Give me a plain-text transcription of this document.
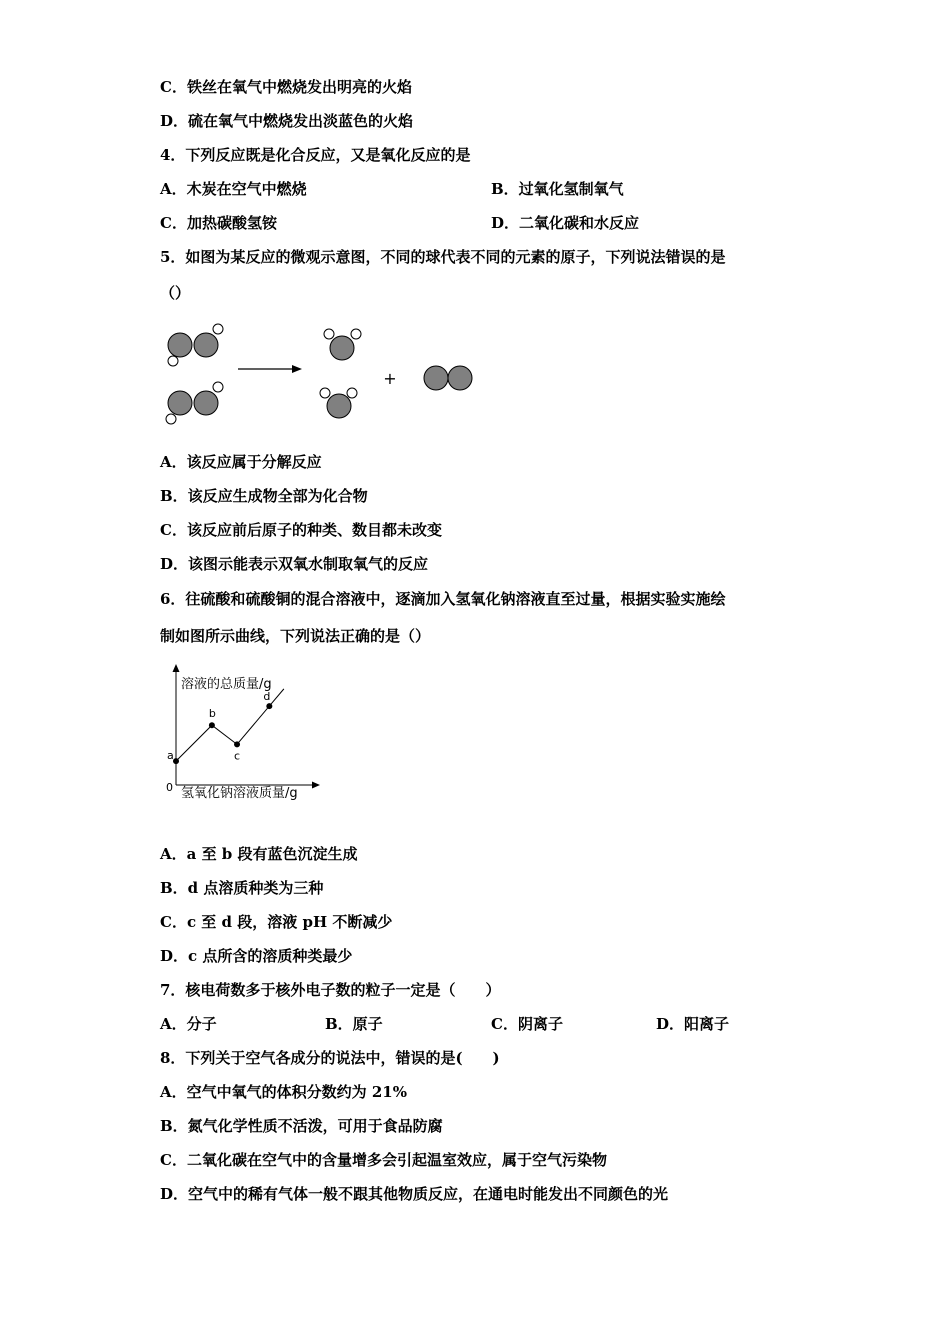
C．铁丝在氧气中燃烧发出明亮的火焰
D．硫在氧气中燃烧发出淡蓝色的火焰
4．下列反应既是化合反应，又是氧化反应的是
A．木炭在空气中燃烧	B．过氧化氢制氧气
C．加热碳酸氢铵	D．二氧化碳和水反应
5．如图为某反应的微观示意图，不同的球代表不同的元素的原子，下列说法错误的是
（）
+
A．该反应属于分解反应
B．该反应生成物全部为化合物
C．该反应前后原子的种类、数目都未改变
D．该图示能表示双氧水制取氧气的反应
6．往硫酸和硫酸铜的混合溶液中，逐滴加入氢氧化钠溶液直至过量，根据实验实施绘
制如图所示曲线，下列说法正确的是（）
溶液的总质量/g
氢氧化钠溶液质量/g
0
a
b
c
d
A．a 至 b 段有蓝色沉淀生成
B．d 点溶质种类为三种
C．c 至 d 段，溶液 pH 不断减少
D．c 点所含的溶质种类最少
7．核电荷数多于核外电子数的粒子一定是（　　）
A．分子	B．原子	C．阴离子	D．阳离子
8．下列关于空气各成分的说法中，错误的是(　　)
A．空气中氧气的体积分数约为 21%
B．氮气化学性质不活泼，可用于食品防腐
C．二氧化碳在空气中的含量增多会引起温室效应，属于空气污染物
D．空气中的稀有气体一般不跟其他物质反应，在通电时能发出不同颜色的光
